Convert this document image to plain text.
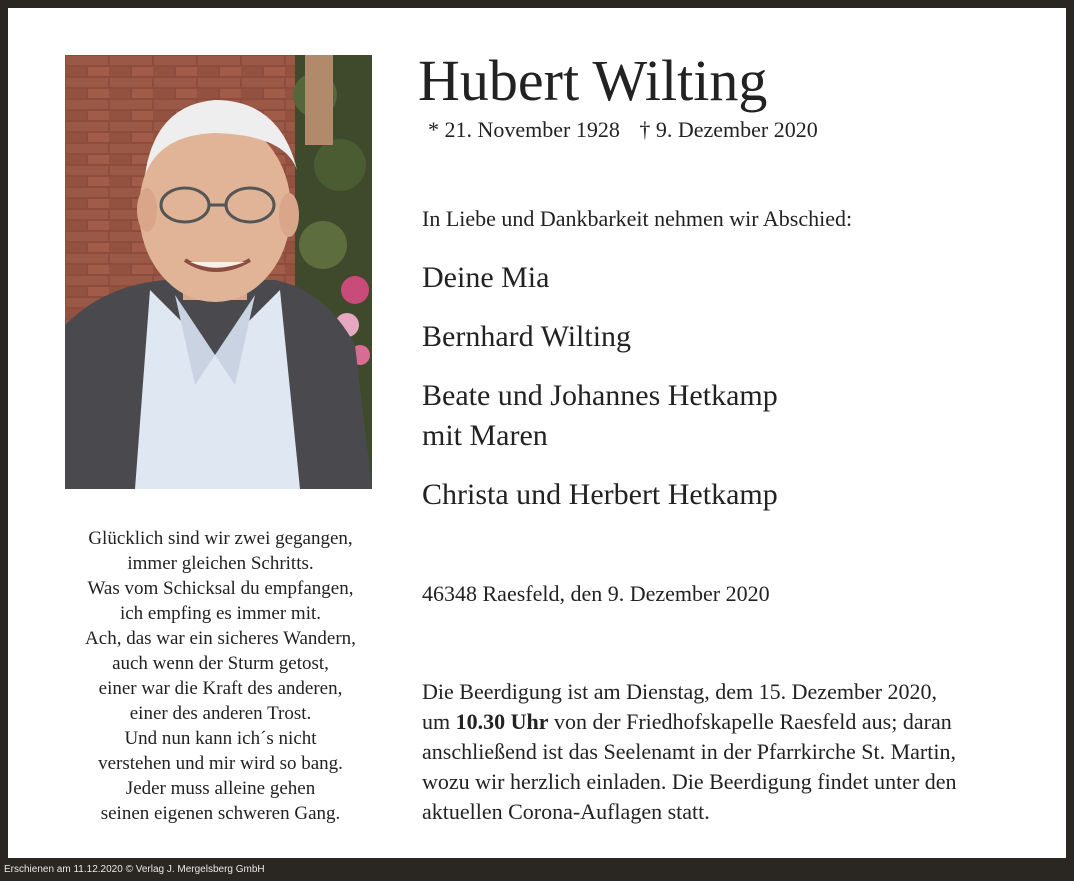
Glücklich sind wir zwei gegangen,
immer gleichen Schritts.
Was vom Schicksal du empfangen,
ich empfing es immer mit.
Ach, das war ein sicheres Wandern,
auch wenn der Sturm getost,
einer war die Kraft des anderen,
einer des anderen Trost.
Und nun kann ich´s nicht
verstehen und mir wird so bang.
Jeder muss alleine gehen
seinen eigenen schweren Gang.
Hubert Wilting
* 21. November 1928 † 9. Dezember 2020
In Liebe und Dankbarkeit nehmen wir Abschied:
Deine Mia
Bernhard Wilting
Beate und Johannes Hetkamp
mit Maren
Christa und Herbert Hetkamp
46348 Raesfeld, den 9. Dezember 2020
Die Beerdigung ist am Dienstag, dem 15. Dezember 2020,
um 10.30 Uhr von der Friedhofskapelle Raesfeld aus; daran
anschließend ist das Seelenamt in der Pfarrkirche St. Martin,
wozu wir herzlich einladen. Die Beerdigung findet unter den
aktuellen Corona-Auflagen statt.
Erschienen am 11.12.2020 © Verlag J. Mergelsberg GmbH
